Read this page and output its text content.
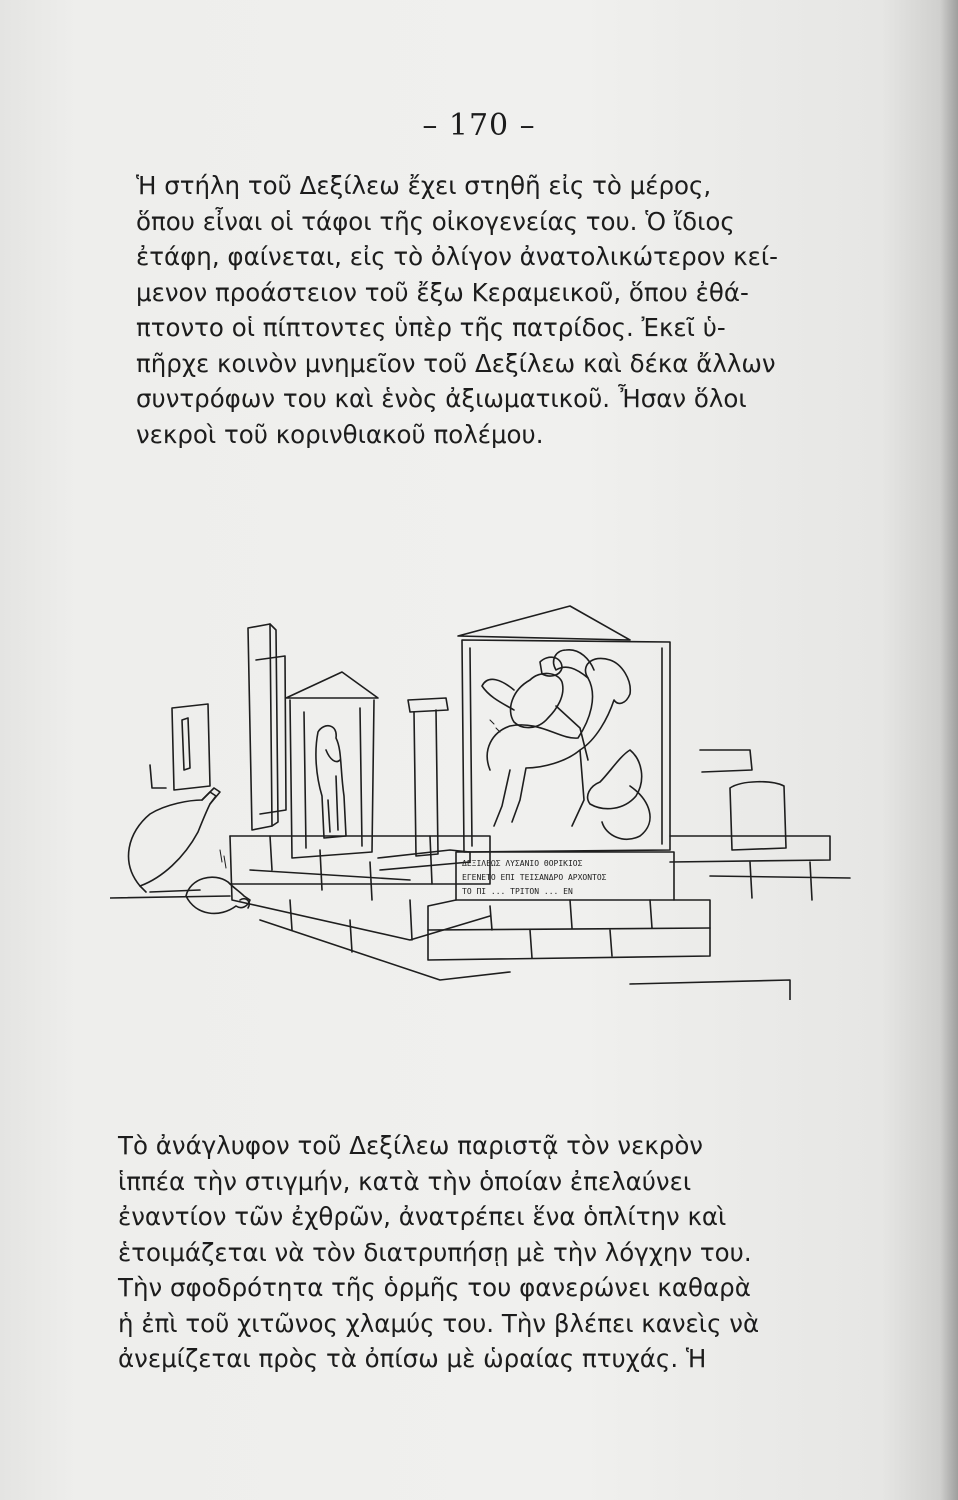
– 170 –

Ἡ στήλη τοῦ Δεξίλεω ἔχει στηθῆ εἰς τὸ μέρος,
ὅπου εἶναι οἱ τάφοι τῆς οἰκογενείας του. Ὁ ἴδιος
ἐτάφη, φαίνεται, εἰς τὸ ὀλίγον ἀνατολικώτερον κεί-
μενον προάστειον τοῦ ἔξω Κεραμεικοῦ, ὅπου ἐθά-
πτοντο οἱ πίπτοντες ὑπὲρ τῆς πατρίδος. Ἐκεῖ ὑ-
πῆρχε κοινὸν μνημεῖον τοῦ Δεξίλεω καὶ δέκα ἄλλων
συντρόφων του καὶ ἑνὸς ἀξιωματικοῦ. Ἦσαν ὅλοι
νεκροὶ τοῦ κορινθιακοῦ πολέμου.

ΔΕΞΙΛΕΩΣ ΛΥΣΑΝΙΟ ΘΟΡΙΚΙΟΣ
ΕΓΕΝΕΤΟ ΕΠΙ ΤΕΙΣΑΝΔΡΟ ΑΡΧΟΝΤΟΣ
ΤΟ ΠΙ ... ΤΡΙΤΟΝ ... ΕΝ

Τὸ ἀνάγλυφον τοῦ Δεξίλεω παριστᾷ τὸν νεκρὸν
ἱππέα τὴν στιγμήν, κατὰ τὴν ὁποίαν ἐπελαύνει
ἐναντίον τῶν ἐχθρῶν, ἀνατρέπει ἕνα ὁπλίτην καὶ
ἑτοιμάζεται νὰ τὸν διατρυπήσῃ μὲ τὴν λόγχην του.
Τὴν σφοδρότητα τῆς ὁρμῆς του φανερώνει καθαρὰ
ἡ ἐπὶ τοῦ χιτῶνος χλαμύς του. Τὴν βλέπει κανεὶς νὰ
ἀνεμίζεται πρὸς τὰ ὀπίσω μὲ ὡραίας πτυχάς. Ἡ
